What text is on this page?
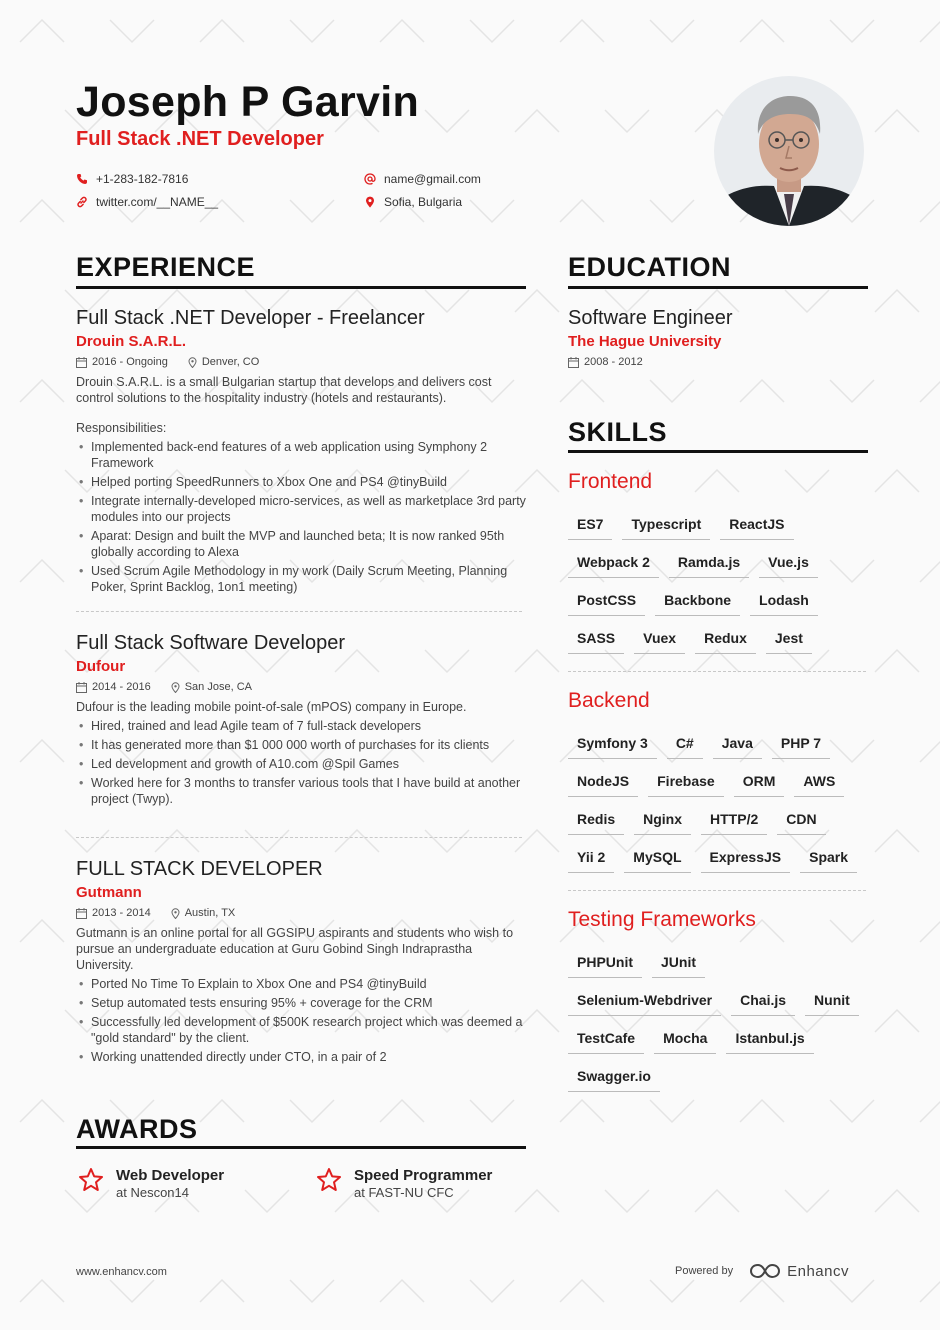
Joseph P Garvin
Full Stack .NET Developer
+1-283-182-7816
twitter.com/__NAME__
name@gmail.com
Sofia, Bulgaria
EXPERIENCE
Full Stack .NET Developer - Freelancer
Drouin S.A.R.L.
2016 - Ongoing	Denver, CO
Drouin S.A.R.L. is a small Bulgarian startup that develops and delivers cost control solutions to the hospitality industry (hotels and restaurants).
Responsibilities:
• Implemented back-end features of a web application using Symphony 2 Framework
• Helped porting SpeedRunners to Xbox One and PS4 @tinyBuild
• Integrate internally-developed micro-services, as well as marketplace 3rd party modules into our projects
• Aparat: Design and built the MVP and launched beta; It is now ranked 95th globally according to Alexa
• Used Scrum Agile Methodology in my work (Daily Scrum Meeting, Planning Poker, Sprint Backlog, 1on1 meeting)
Full Stack Software Developer
Dufour
2014 - 2016	San Jose, CA
Dufour is the leading mobile point-of-sale (mPOS) company in Europe.
• Hired, trained and lead Agile team of 7 full-stack developers
• It has generated more than $1 000 000 worth of purchases for its clients
• Led development and growth of A10.com @Spil Games
• Worked here for 3 months to transfer various tools that I have build at another project (Twyp).
FULL STACK DEVELOPER
Gutmann
2013 - 2014	Austin, TX
Gutmann is an online portal for all GGSIPU aspirants and students who wish to pursue an undergraduate education at Guru Gobind Singh Indraprastha University.
• Ported No Time To Explain to Xbox One and PS4 @tinyBuild
• Setup automated tests ensuring 95% + coverage for the CRM
• Successfully led development of $500K research project which was deemed a "gold standard" by the client.
• Working unattended directly under CTO, in a pair of 2
AWARDS
Web Developer
at Nescon14
Speed Programmer
at FAST-NU CFC
EDUCATION
Software Engineer
The Hague University
2008 - 2012
SKILLS
Frontend
ES7	Typescript	ReactJS
Webpack 2	Ramda.js	Vue.js
PostCSS	Backbone	Lodash
SASS	Vuex	Redux	Jest
Backend
Symfony 3	C#	Java	PHP 7
NodeJS	Firebase	ORM	AWS
Redis	Nginx	HTTP/2	CDN
Yii 2	MySQL	ExpressJS	Spark
Testing Frameworks
PHPUnit	JUnit
Selenium-Webdriver	Chai.js	Nunit
TestCafe	Mocha	Istanbul.js
Swagger.io
www.enhancv.com	Powered by	Enhancv
